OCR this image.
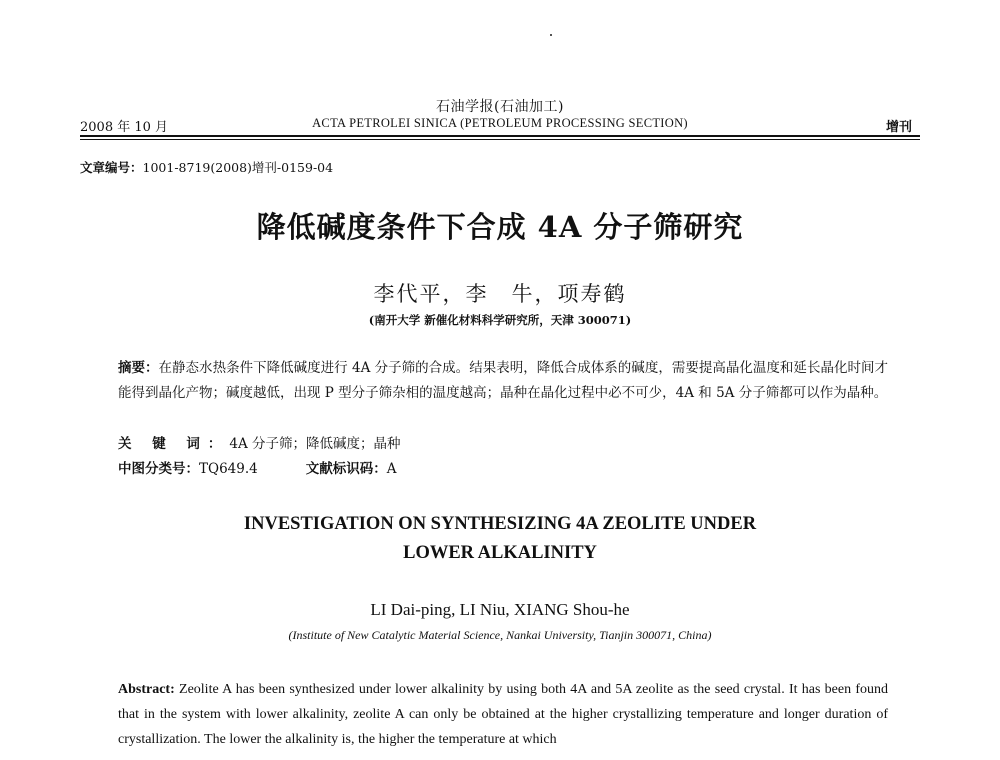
石油学报(石油加工)
2008 年 10 月	ACTA PETROLEI SINICA (PETROLEUM PROCESSING SECTION)	增刊
文章编号：1001-8719(2008)增刊-0159-04
降低碱度条件下合成 4A 分子筛研究
李代平，李　牛，项寿鹤
(南开大学 新催化材料科学研究所，天津 300071)
摘要：在静态水热条件下降低碱度进行 4A 分子筛的合成。结果表明，降低合成体系的碱度，需要提高晶化温度和延长晶化时间才能得到晶化产物；碱度越低，出现 P 型分子筛杂相的温度越高；晶种在晶化过程中必不可少，4A 和 5A 分子筛都可以作为晶种。
关 键 词：4A 分子筛；降低碱度；晶种
中图分类号：TQ649.4	文献标识码：A
INVESTIGATION ON SYNTHESIZING 4A ZEOLITE UNDER
LOWER ALKALINITY
LI Dai-ping, LI Niu, XIANG Shou-he
(Institute of New Catalytic Material Science, Nankai University, Tianjin 300071, China)
Abstract: Zeolite A has been synthesized under lower alkalinity by using both 4A and 5A zeolite as the seed crystal. It has been found that in the system with lower alkalinity, zeolite A can only be obtained at the higher crystallizing temperature and longer duration of crystallization. The lower the alkalinity is, the higher the temperature at which
